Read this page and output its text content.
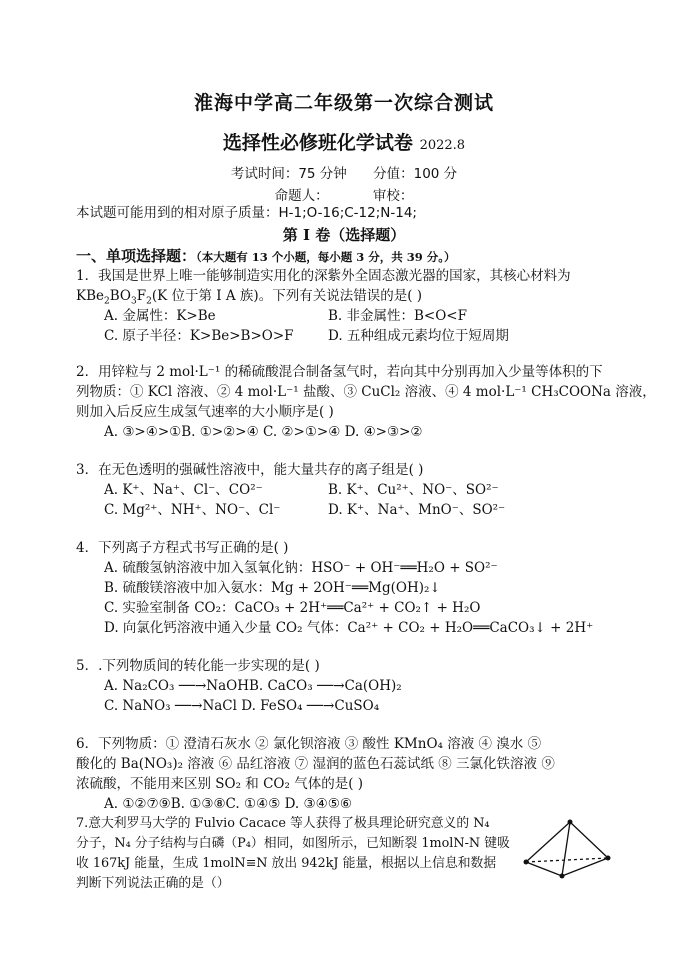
淮海中学高二年级第一次综合测试
选择性必修班化学试卷 2022.8
考试时间：75 分钟 分值：100 分
命题人：	审校：
本试题可能用到的相对原子质量：H-1;O-16;C-12;N-14;
第 I 卷（选择题）
一、单项选择题：（本大题有 13 个小题，每小题 3 分，共 39 分。）
1．我国是世界上唯一能够制造实用化的深紫外全固态激光器的国家，其核心材料为
$KBe_2BO_3F_2(K$ 位于第 I A 族)。下列有关说法错误的是( )
A. 金属性：K>Be	B. 非金属性：B<O<F
C. 原子半径：K>Be>B>O>F	D. 五种组成元素均位于短周期
2．用锌粒与 2 mol·L⁻¹ 的稀硫酸混合制备氢气时，若向其中分别再加入少量等体积的下
列物质：① KCl 溶液、② 4 mol·L⁻¹ 盐酸、③ CuCl₂ 溶液、④ 4 mol·L⁻¹ CH₃COONa 溶液，
则加入后反应生成氢气速率的大小顺序是( )
A. ③>④>①B. ①>②>④ C. ②>①>④ D. ④>③>②
3．在无色透明的强碱性溶液中，能大量共存的离子组是( )
A. K⁺、Na⁺、Cl⁻、CO²⁻	B. K⁺、Cu²⁺、NO⁻、SO²⁻
C. Mg²⁺、NH⁺、NO⁻、Cl⁻	D. K⁺、Na⁺、MnO⁻、SO²⁻
4．下列离子方程式书写正确的是( )
A. 硫酸氢钠溶液中加入氢氧化钠：HSO⁻ + OH⁻══H₂O + SO²⁻
B. 硫酸镁溶液中加入氨水：Mg + 2OH⁻══Mg(OH)₂↓
C. 实验室制备 CO₂：CaCO₃ + 2H⁺══Ca²⁺ + CO₂↑ + H₂O
D. 向氯化钙溶液中通入少量 CO₂ 气体：Ca²⁺ + CO₂ + H₂O══CaCO₃↓ + 2H⁺
5．.下列物质间的转化能一步实现的是( )
A. Na₂CO₃ ──→NaOHB. CaCO₃ ──→Ca(OH)₂
C. NaNO₃ ──→NaCl D. FeSO₄ ──→CuSO₄
6．下列物质：① 澄清石灰水 ② 氯化钡溶液 ③ 酸性 KMnO₄ 溶液 ④ 溴水 ⑤
酸化的 Ba(NO₃)₂ 溶液 ⑥ 品红溶液 ⑦ 湿润的蓝色石蕊试纸 ⑧ 三氯化铁溶液 ⑨
浓硫酸，不能用来区别 SO₂ 和 CO₂ 气体的是( )
A. ①②⑦⑨B. ①③⑧C. ①④⑤ D. ③④⑤⑥
7.意大利罗马大学的 Fulvio Cacace 等人获得了极具理论研究意义的 N₄
分子，N₄ 分子结构与白磷（P₄）相同，如图所示，已知断裂 1molN-N 键吸
收 167kJ 能量，生成 1molN≡N 放出 942kJ 能量，根据以上信息和数据
判断下列说法正确的是（）
